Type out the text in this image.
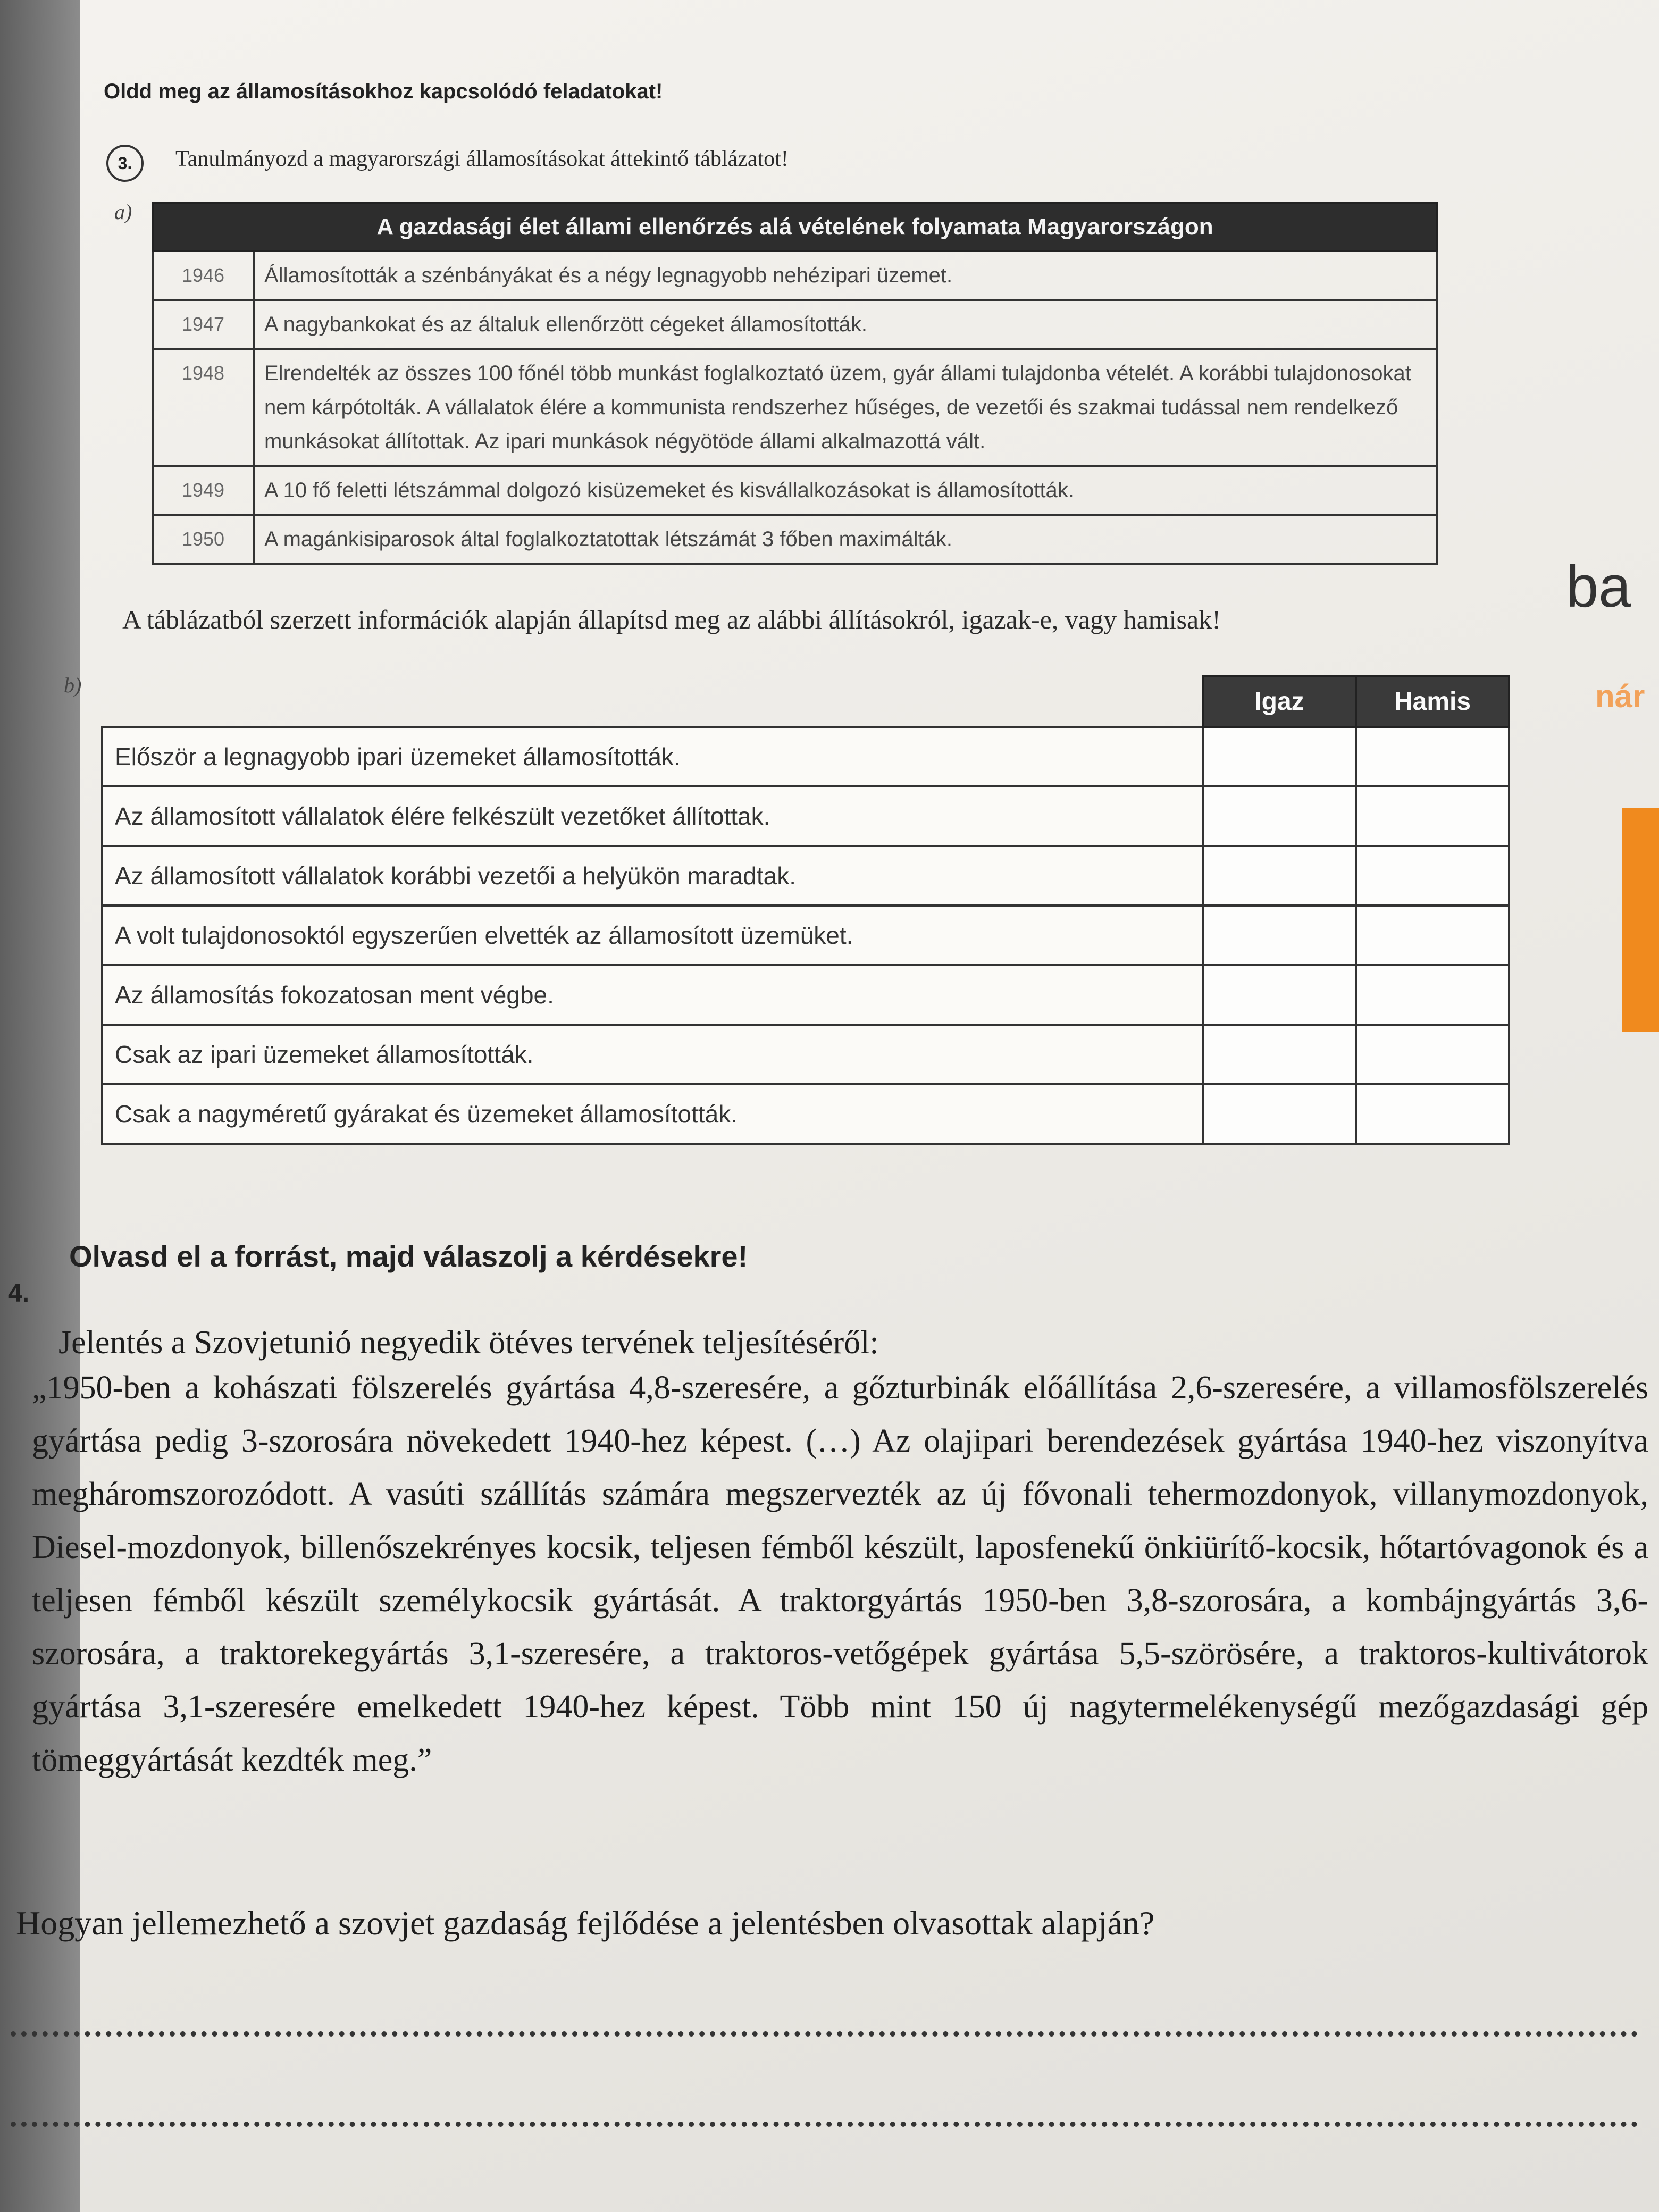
Oldd meg az államosításokhoz kapcsolódó feladatokat!
3.	Tanulmányozd a magyarországi államosításokat áttekintő táblázatot!
a)
A gazdasági élet állami ellenőrzés alá vételének folyamata Magyarországon	
1946	Államosították a szénbányákat és a négy legnagyobb nehézipari üzemet.
1947	A nagybankokat és az általuk ellenőrzött cégeket államosították.
1948	Elrendelték az összes 100 főnél több munkást foglalkoztató üzem, gyár állami tulajdonba vételét. A korábbi tulajdonosokat nem kárpótolták. A vállalatok élére a kommunista rendszerhez hűséges, de vezetői és szakmai tudással nem rendelkező munkásokat állítottak. Az ipari munkások négyötöde állami alkalmazottá vált.
1949	A 10 fő feletti létszámmal dolgozó kisüzemeket és kisvállalkozásokat is államosították.
1950	A magánkisiparosok által foglalkoztatottak létszámát 3 főben maximálták.
A táblázatból szerzett információk alapján állapítsd meg az alábbi állításokról, igazak-e, vagy hamisak!
b)
	Igaz	Hamis
Először a legnagyobb ipari üzemeket államosították.		
Az államosított vállalatok élére felkészült vezetőket állítottak.		
Az államosított vállalatok korábbi vezetői a helyükön maradtak.		
A volt tulajdonosoktól egyszerűen elvették az államosított üzemüket.		
Az államosítás fokozatosan ment végbe.		
Csak az ipari üzemeket államosították.		
Csak a nagyméretű gyárakat és üzemeket államosították.		
4.
Olvasd el a forrást, majd válaszolj a kérdésekre!
Jelentés a Szovjetunió negyedik ötéves tervének teljesítéséről:
„1950-ben a kohászati fölszerelés gyártása 4,8-szeresére, a gőzturbinák előállítása 2,6-szeresére, a villamosfölszerelés gyártása pedig 3-szorosára növekedett 1940-hez képest. (…) Az olajipari berendezések gyártása 1940-hez viszonyítva megháromszorozódott. A vasúti szállítás számára megszervezték az új fővonali tehermozdonyok, villanymozdonyok, Diesel-mozdonyok, billenőszekrényes kocsik, teljesen fémből készült, laposfenekű önkiürítő-kocsik, hőtartóvagonok és a teljesen fémből készült személykocsik gyártását. A traktorgyártás 1950-ben 3,8-szorosára, a kombájngyártás 3,6-szorosára, a traktorekegyártás 3,1-szeresére, a traktoros-vetőgépek gyártása 5,5-szörösére, a traktoros-kultivátorok gyártása 3,1-szeresére emelkedett 1940-hez képest. Több mint 150 új nagytermelékenységű mezőgazdasági gép tömeggyártását kezdték meg.”
Hogyan jellemezhető a szovjet gazdaság fejlődése a jelentésben olvasottak alapján?
ba
nár
